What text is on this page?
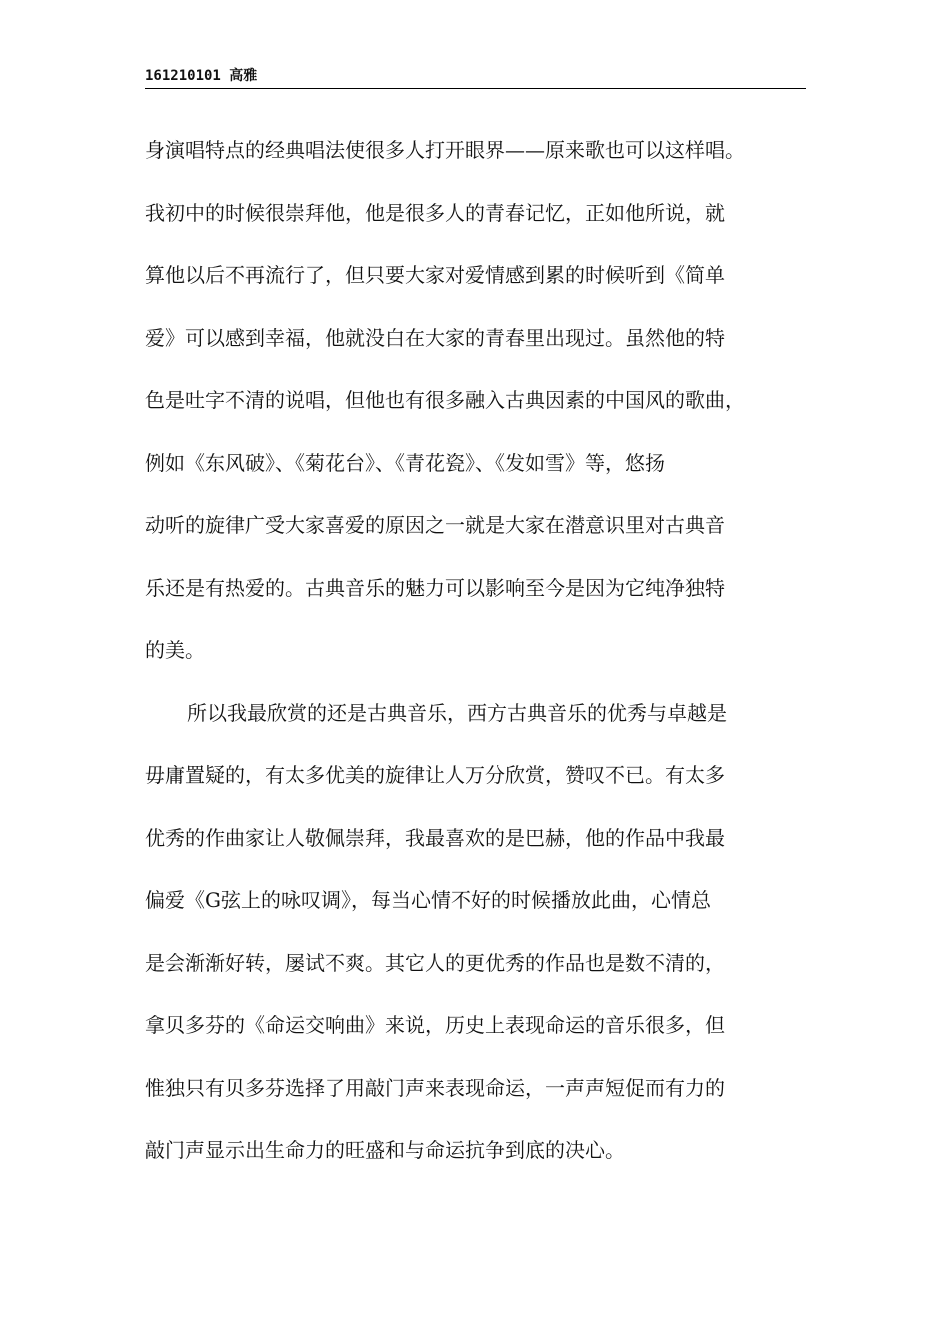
161210101 高雅
身演唱特点的经典唱法使很多人打开眼界——原来歌也可以这样唱。
我初中的时候很崇拜他，他是很多人的青春记忆，正如他所说，就
算他以后不再流行了，但只要大家对爱情感到累的时候听到《简单
爱》可以感到幸福，他就没白在大家的青春里出现过。虽然他的特
色是吐字不清的说唱，但他也有很多融入古典因素的中国风的歌曲，
例如《东风破》、《菊花台》、《青花瓷》、《发如雪》等，悠扬
动听的旋律广受大家喜爱的原因之一就是大家在潜意识里对古典音
乐还是有热爱的。古典音乐的魅力可以影响至今是因为它纯净独特
的美。
所以我最欣赏的还是古典音乐，西方古典音乐的优秀与卓越是
毋庸置疑的，有太多优美的旋律让人万分欣赏，赞叹不已。有太多
优秀的作曲家让人敬佩崇拜，我最喜欢的是巴赫，他的作品中我最
偏爱《G弦上的咏叹调》，每当心情不好的时候播放此曲，心情总
是会渐渐好转，屡试不爽。其它人的更优秀的作品也是数不清的，
拿贝多芬的《命运交响曲》来说，历史上表现命运的音乐很多，但
惟独只有贝多芬选择了用敲门声来表现命运，一声声短促而有力的
敲门声显示出生命力的旺盛和与命运抗争到底的决心。
